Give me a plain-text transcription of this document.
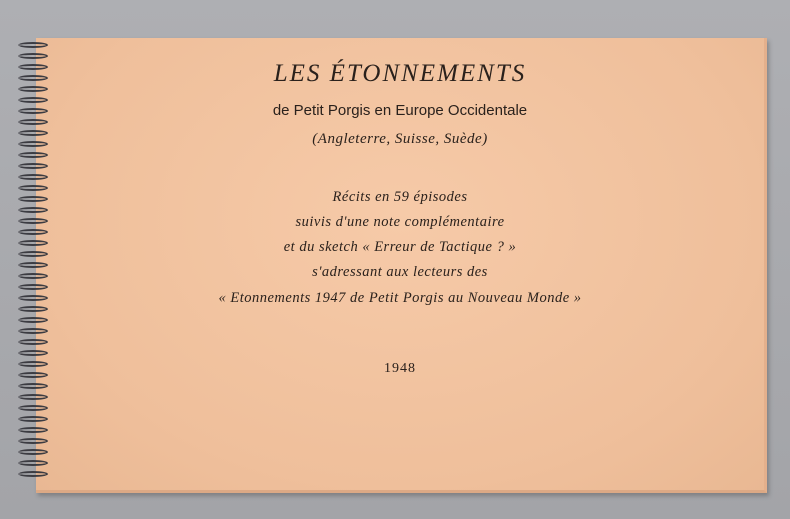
LES ÉTONNEMENTS
de Petit Porgis en Europe Occidentale
(Angleterre, Suisse, Suède)
Récits en 59 épisodes
suivis d'une note complémentaire
et du sketch « Erreur de Tactique ? »
s'adressant aux lecteurs des
« Etonnements 1947 de Petit Porgis au Nouveau Monde »
1948
